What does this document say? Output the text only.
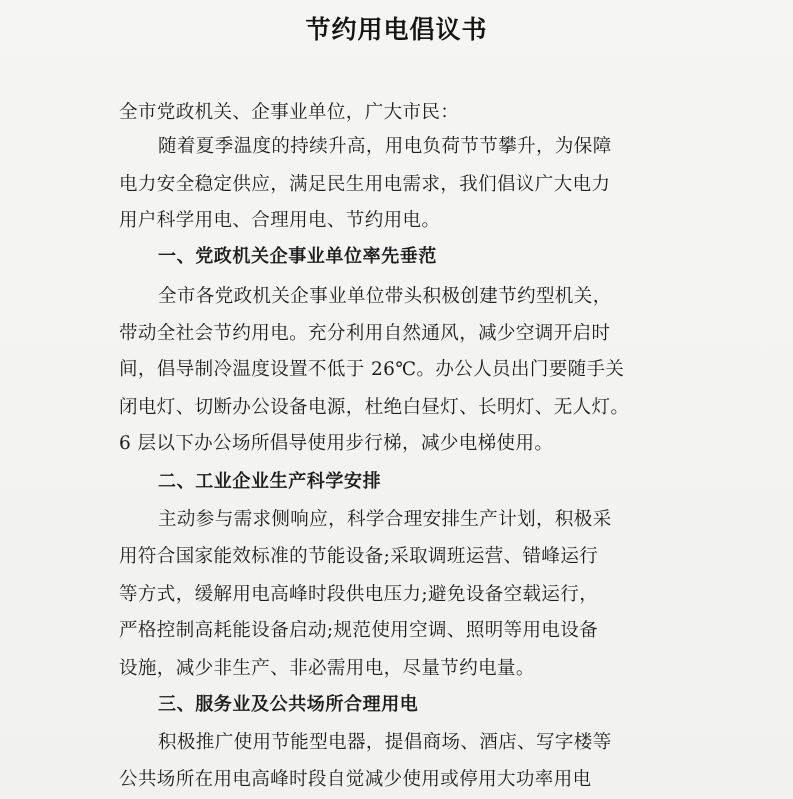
节约用电倡议书
全市党政机关、企事业单位，广大市民：
随着夏季温度的持续升高，用电负荷节节攀升，为保障
电力安全稳定供应，满足民生用电需求，我们倡议广大电力
用户科学用电、合理用电、节约用电。
一、党政机关企事业单位率先垂范
全市各党政机关企事业单位带头积极创建节约型机关，
带动全社会节约用电。充分利用自然通风，减少空调开启时
间，倡导制冷温度设置不低于 26℃。办公人员出门要随手关
闭电灯、切断办公设备电源，杜绝白昼灯、长明灯、无人灯。
6 层以下办公场所倡导使用步行梯，减少电梯使用。
二、工业企业生产科学安排
主动参与需求侧响应，科学合理安排生产计划，积极采
用符合国家能效标准的节能设备;采取调班运营、错峰运行
等方式，缓解用电高峰时段供电压力;避免设备空载运行，
严格控制高耗能设备启动;规范使用空调、照明等用电设备
设施，减少非生产、非必需用电，尽量节约电量。
三、服务业及公共场所合理用电
积极推广使用节能型电器，提倡商场、酒店、写字楼等
公共场所在用电高峰时段自觉减少使用或停用大功率用电
